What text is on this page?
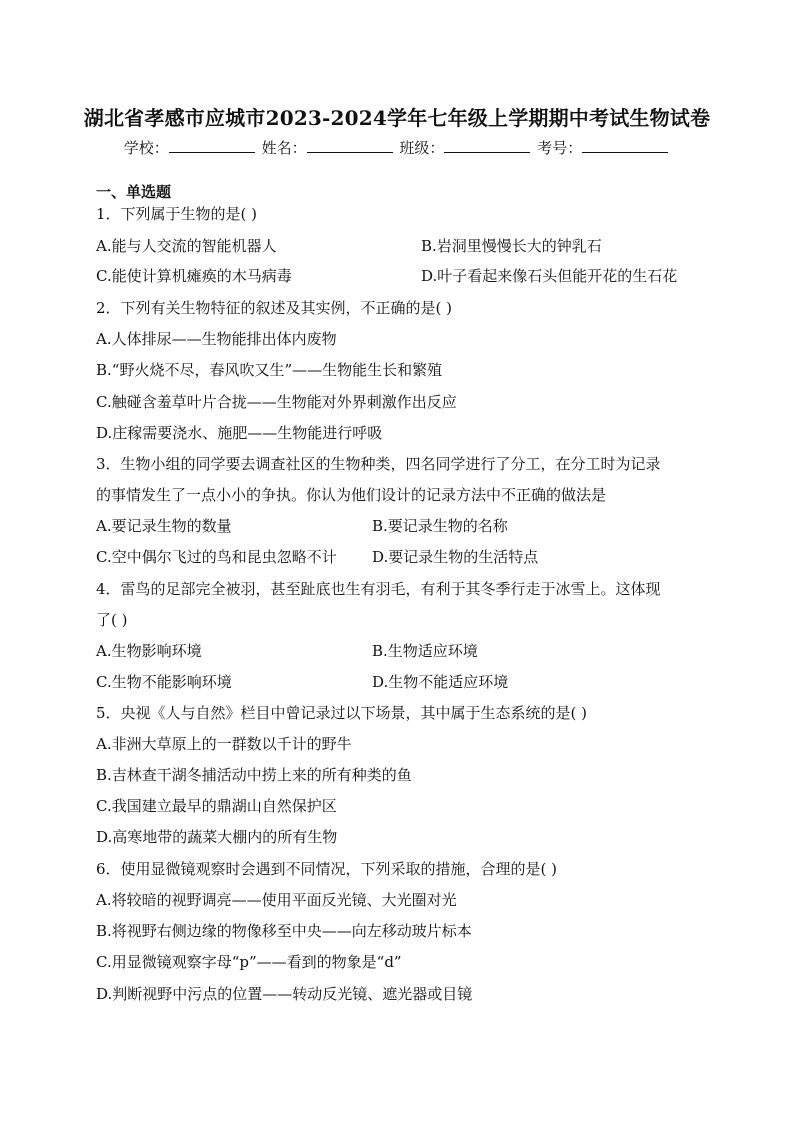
湖北省孝感市应城市2023-2024学年七年级上学期期中考试生物试卷
学校：	姓名：	班级：	考号：
一、单选题
1．下列属于生物的是( )
A.能与人交流的智能机器人	B.岩洞里慢慢长大的钟乳石
C.能使计算机瘫痪的木马病毒	D.叶子看起来像石头但能开花的生石花
2．下列有关生物特征的叙述及其实例，不正确的是( )
A.人体排尿——生物能排出体内废物
B.“野火烧不尽，春风吹又生”——生物能生长和繁殖
C.触碰含羞草叶片合拢——生物能对外界刺激作出反应
D.庄稼需要浇水、施肥——生物能进行呼吸
3．生物小组的同学要去调查社区的生物种类，四名同学进行了分工，在分工时为记录
的事情发生了一点小小的争执。你认为他们设计的记录方法中不正确的做法是
A.要记录生物的数量	B.要记录生物的名称
C.空中偶尔飞过的鸟和昆虫忽略不计 D.要记录生物的生活特点
4．雷鸟的足部完全被羽，甚至趾底也生有羽毛，有利于其冬季行走于冰雪上。这体现
了( )
A.生物影响环境	B.生物适应环境
C.生物不能影响环境	D.生物不能适应环境
5．央视《人与自然》栏目中曾记录过以下场景，其中属于生态系统的是( )
A.非洲大草原上的一群数以千计的野牛
B.吉林查干湖冬捕活动中捞上来的所有种类的鱼
C.我国建立最早的鼎湖山自然保护区
D.高寒地带的蔬菜大棚内的所有生物
6．使用显微镜观察时会遇到不同情况，下列采取的措施，合理的是( )
A.将较暗的视野调亮——使用平面反光镜、大光圈对光
B.将视野右侧边缘的物像移至中央——向左移动玻片标本
C.用显微镜观察字母“p”——看到的物象是“d”
D.判断视野中污点的位置——转动反光镜、遮光器或目镜
